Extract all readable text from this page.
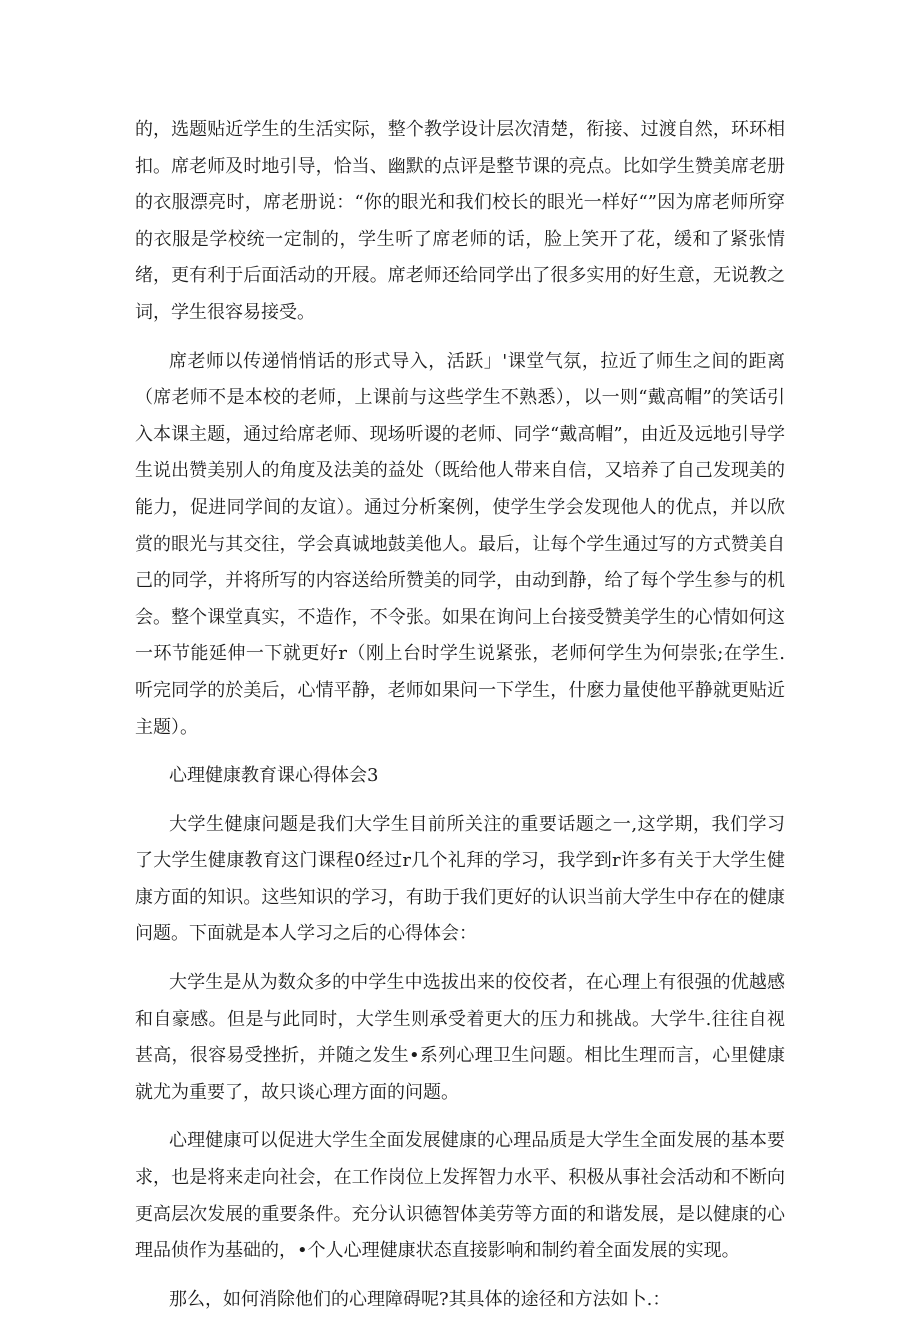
的，选题贴近学生的生活实际，整个教学设计层次清楚，衔接、过渡自然，环环相扣。席老师及时地引导，恰当、幽默的点评是整节课的亮点。比如学生赞美席老册的衣服漂亮时，席老册说：“你的眼光和我们校长的眼光一样好“”因为席老师所穿的衣服是学校统一定制的，学生听了席老师的话，脸上笑开了花，缓和了紧张情绪，更有利于后面活动的开屐。席老师还给同学出了很多实用的好生意，无说教之词，学生很容易接受。

席老师以传递悄悄话的形式导入，活跃」'课堂气氛，拉近了师生之间的距离（席老师不是本校的老师，上课前与这些学生不熟悉），以一则“戴高帽”的笑话引入本课主题，通过给席老师、现场听谡的老师、同学“戴高帽”，由近及远地引导学生说出赞美别人的角度及法美的益处（既给他人带来自信，又培养了自己发现美的能力，促进同学间的友谊）。通过分析案例，使学生学会发现他人的优点，并以欣赏的眼光与其交往，学会真诚地鼓美他人。最后，让每个学生通过写的方式赞美自己的同学，并将所写的内容送给所赞美的同学，由动到静，给了每个学生参与的机会。整个课堂真实，不造作，不令张。如果在询问上台接受赞美学生的心情如何这一环节能延伸一下就更好r（刚上台时学生说紧张，老师何学生为何崇张;在学生.听完同学的於美后，心情平静，老师如果问一下学生，什麽力量使他平静就更贴近主题）。

心理健康教育课心得体会3

大学生健康问题是我们大学生目前所关注的重要话题之一,这学期，我们学习了大学生健康教育这门课程0经过r几个礼拜的学习，我学到r许多有关于大学生健康方面的知识。这些知识的学习，有助于我们更好的认识当前大学生中存在的健康问题。下面就是本人学习之后的心得体会：

大学生是从为数众多的中学生中选拔出来的佼佼者，在心理上有很强的优越感和自豪感。但是与此同时，大学生则承受着更大的压力和挑战。大学牛.往往自视甚高，很容易受挫折，并随之发生•系列心理卫生问题。相比生理而言，心里健康就尤为重要了，故只谈心理方面的问题。

心理健康可以促进大学生全面发展健康的心理品质是大学生全面发展的基本要求，也是将来走向社会，在工作岗位上发挥智力水平、积极从事社会活动和不断向更高层次发展的重要条件。充分认识德智体美劳等方面的和谐发展，是以健康的心理品侦作为基础的，•个人心理健康状态直接影响和制约着全面发展的实现。

那么，如何消除他们的心理障碍呢?其具体的途径和方法如卜.：
